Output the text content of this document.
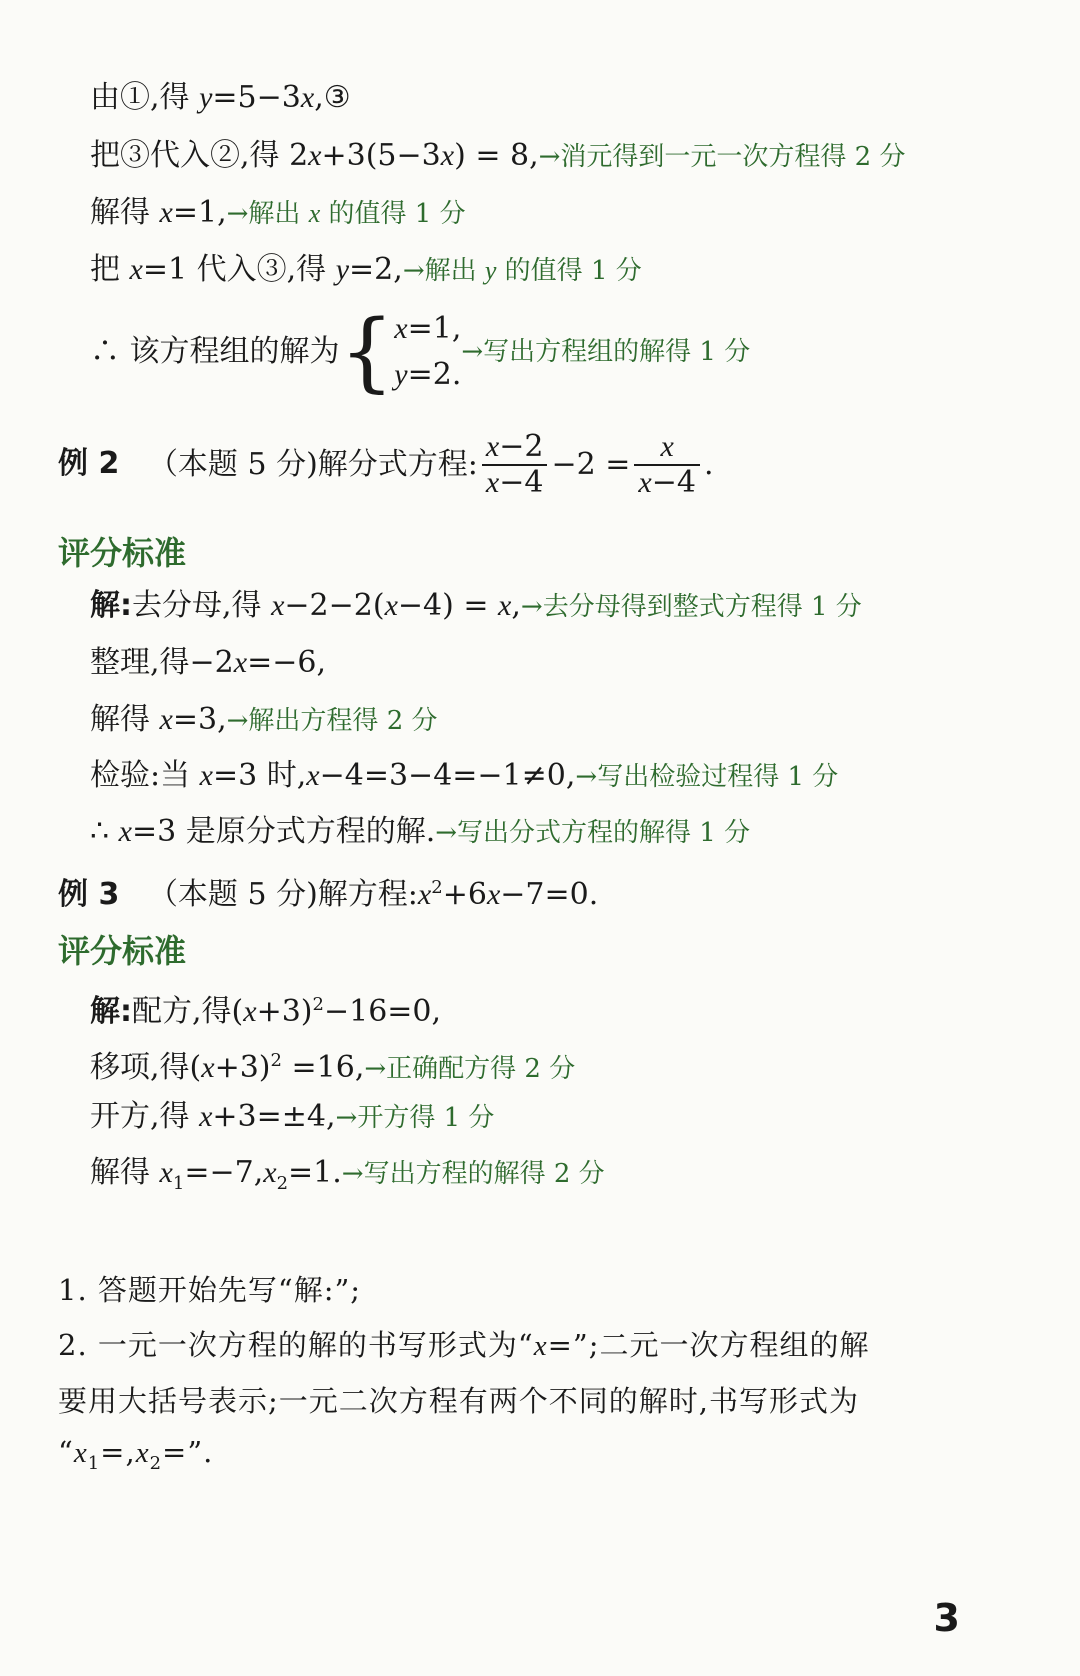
由①,得 y=5−3x,③
把③代入②,得 2x+3(5−3x) = 8,→消元得到一元一次方程得 2 分
解得 x=1,→解出 x 的值得 1 分
把 x=1 代入③,得 y=2,→解出 y 的值得 1 分
∴ 该方程组的解为{x=1,
y=2.→写出方程组的解得 1 分
例 2 （本题 5 分)解分式方程: $\frac{x-2}{x-4} -2 = \frac{x}{x-4}$ .
评分标准
解:去分母,得 x−2−2(x−4) = x,→去分母得到整式方程得 1 分
整理,得−2x=−6,
解得 x=3,→解出方程得 2 分
检验:当 x=3 时,x−4=3−4=−1≠0,→写出检验过程得 1 分
∴ x=3 是原分式方程的解.→写出分式方程的解得 1 分
例 3 （本题 5 分)解方程$:x^2+6x-7=0$.
评分标准
解:配方,得$(x+3)^2-16=0$,
移项,得$(x+3)^2 =16,\to$正确配方得 2 分
开方,得 x+3=±4,→开方得 1 分
解得 $x_1=-7,x_2=1.\to$写出方程的解得 2 分
1. 答题开始先写“解:”;
2. 一元一次方程的解的书写形式为“x=”;二元一次方程组的解
要用大括号表示;一元二次方程有两个不同的解时,书写形式为
“$x_1=,x_2=$”.
3
